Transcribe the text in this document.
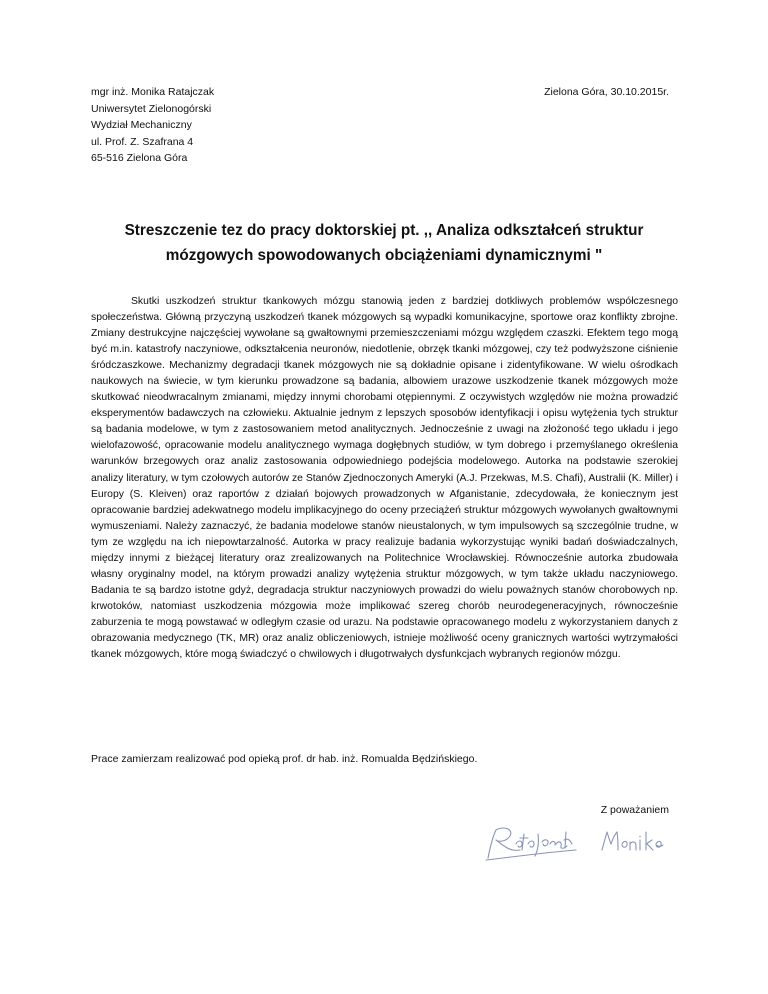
mgr inż. Monika Ratajczak
Uniwersytet Zielonogórski
Wydział Mechaniczny
ul. Prof. Z. Szafrana 4
65-516 Zielona Góra
Zielona Góra, 30.10.2015r.
Streszczenie tez do pracy doktorskiej pt. ,, Analiza odkształceń struktur mózgowych spowodowanych obciążeniami dynamicznymi "

Skutki uszkodzeń struktur tkankowych mózgu stanowią jeden z bardziej dotkliwych problemów współczesnego społeczeństwa. Główną przyczyną uszkodzeń tkanek mózgowych są wypadki komunikacyjne, sportowe oraz konflikty zbrojne. Zmiany destrukcyjne najczęściej wywołane są gwałtownymi przemieszczeniami mózgu względem czaszki. Efektem tego mogą być m.in. katastrofy naczyniowe, odkształcenia neuronów, niedotlenie, obrzęk tkanki mózgowej, czy też podwyższone ciśnienie śródczaszkowe. Mechanizmy degradacji tkanek mózgowych nie są dokładnie opisane i zidentyfikowane. W wielu ośrodkach naukowych na świecie, w tym kierunku prowadzone są badania, albowiem urazowe uszkodzenie tkanek mózgowych może skutkować nieodwracalnym zmianami, między innymi chorobami otępiennymi. Z oczywistych względów nie można prowadzić eksperymentów badawczych na człowieku. Aktualnie jednym z lepszych sposobów identyfikacji i opisu wytężenia tych struktur są badania modelowe, w tym z zastosowaniem metod analitycznych. Jednocześnie z uwagi na złożoność tego układu i jego wielofazowość, opracowanie modelu analitycznego wymaga dogłębnych studiów, w tym dobrego i przemyślanego określenia warunków brzegowych oraz analiz zastosowania odpowiedniego podejścia modelowego. Autorka na podstawie szerokiej analizy literatury, w tym czołowych autorów ze Stanów Zjednoczonych Ameryki (A.J. Przekwas, M.S. Chafi), Australii (K. Miller) i Europy (S. Kleiven) oraz raportów z działań bojowych prowadzonych w Afganistanie, zdecydowała, że koniecznym jest opracowanie bardziej adekwatnego modelu implikacyjnego do oceny przeciążeń struktur mózgowych wywołanych gwałtownymi wymuszeniami. Należy zaznaczyć, że badania modelowe stanów nieustalonych, w tym impulsowych są szczególnie trudne, w tym ze względu na ich niepowtarzalność. Autorka w pracy realizuje badania wykorzystując wyniki badań doświadczalnych, między innymi z bieżącej literatury oraz zrealizowanych na Politechnice Wrocławskiej. Równocześnie autorka zbudowała własny oryginalny model, na którym prowadzi analizy wytężenia struktur mózgowych, w tym także układu naczyniowego. Badania te są bardzo istotne gdyż, degradacja struktur naczyniowych prowadzi do wielu poważnych stanów chorobowych np. krwotoków, natomiast uszkodzenia mózgowia może implikować szereg chorób neurodegeneracyjnych, równocześnie zaburzenia te mogą powstawać w odległym czasie od urazu. Na podstawie opracowanego modelu z wykorzystaniem danych z obrazowania medycznego (TK, MR) oraz analiz obliczeniowych, istnieje możliwość oceny granicznych wartości wytrzymałości tkanek mózgowych, które mogą świadczyć o chwilowych i długotrwałych dysfunkcjach wybranych regionów mózgu.

Prace zamierzam realizować pod opieką prof. dr hab. inż. Romualda Będzińskiego.
Z poważaniem
